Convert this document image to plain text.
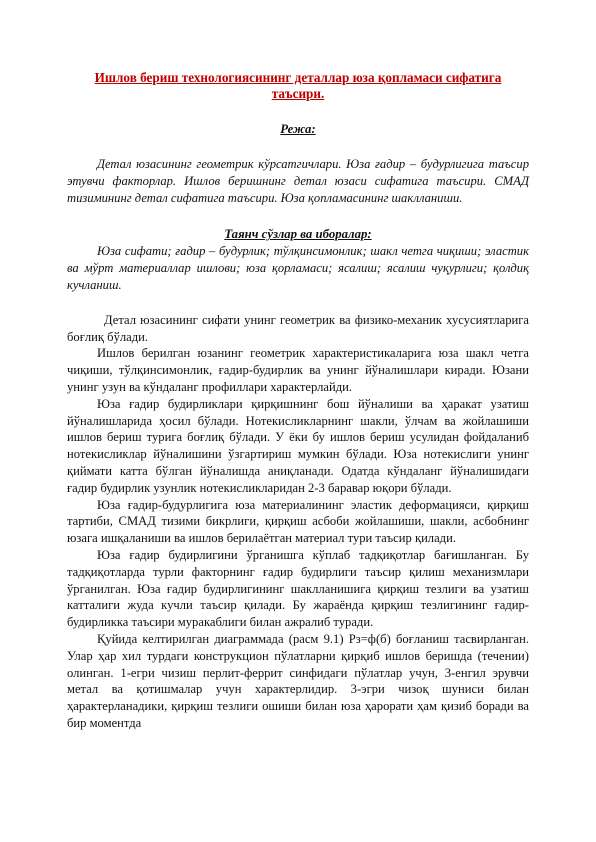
Ишлов бериш технологиясининг деталлар юза қопламаси сифатига таъсири.
Режа:

Детал юзасининг геометрик кўрсатгичлари. Юза ғадир – будурлигига таъсир этувчи факторлар. Ишлов беришнинг детал юзаси сифатига таъсири. СМАД тизимининг детал сифатига таъсири. Юза қопламасининг шаклланиши.

Таянч сўзлар ва иборалар:

Юза сифати; ғадир – будурлик; тўлқинсимонлик; шакл четга чиқиши; эластик ва мўрт материаллар ишлови; юза қорламаси; ясалиш; ясалиш чуқурлиги; қолдиқ кучланиш.

Детал юзасининг сифати унинг геометрик ва физико-механик хусусиятларига боғлиқ бўлади.

Ишлов берилган юзанинг геометрик характеристикаларига юза шакл четга чиқиши, тўлқинсимонлик, ғадир-будирлик ва унинг йўналишлари киради. Юзани унинг узун ва кўндаланг профиллари характерлайди.

Юза ғадир будирликлари қирқишнинг бош йўналиши ва ҳаракат узатиш йўналишларида ҳосил бўлади. Нотекисликларнинг шакли, ўлчам ва жойлашиши ишлов бериш турига боғлиқ бўлади. У ёки бу ишлов бериш усулидан фойдаланиб нотекисликлар йўналишини ўзгартириш мумкин бўлади. Юза нотекислиги унинг қиймати катта бўлган йўналишда аниқланади. Одатда кўндаланг йўналишидаги ғадир будирлик узунлик нотекисликларидан 2-3 баравар юқори бўлади.

Юза ғадир-будурлигига юза материалининг эластик деформацияси, қирқиш тартиби, СМАД тизими бикрлиги, қирқиш асбоби жойлашиши, шакли, асбобнинг юзага ишқаланиши ва ишлов берилаётган материал тури таъсир қилади.

Юза ғадир будирлигини ўрганишга кўплаб тадқиқотлар бағишланган. Бу тадқиқотларда турли факторнинг ғадир будирлиги таъсир қилиш механизмлари ўрганилган. Юза ғадир будирлигининг шаклланишига қирқиш тезлиги ва узатиш катталиги жуда кучли таъсир қилади. Бу жараёнда қирқиш тезлигининг ғадир-будирликка таъсири муракаблиги билан ажралиб туради.

Қуйида келтирилган диаграммада (расм 9.1) Рз=ф(б) боғланиш тасвирланган. Улар ҳар хил турдаги конструкцион пўлатларни қирқиб ишлов беришда (течении) олинган. 1-егри чизиш перлит-феррит синфидаги пўлатлар учун, 3-енгил эрувчи метал ва қотишмалар учун характерлидир. 3-эгри чизоқ шуниси билан ҳарактерланадики, қирқиш тезлиги ошиши билан юза ҳарорати ҳам қизиб боради ва бир моментда
